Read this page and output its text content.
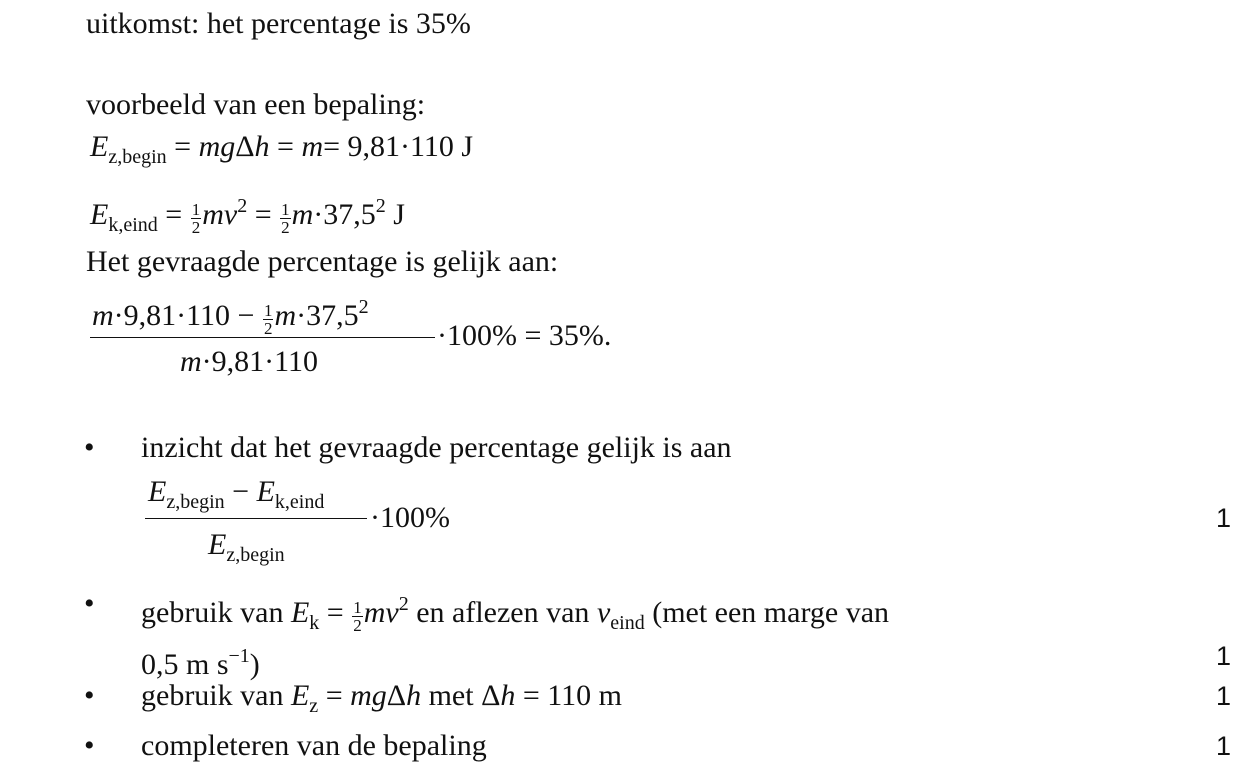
uitkomst: het percentage is 35%
voorbeeld van een bepaling:
$E_{z,begin} = mg\Delta h = m= 9,81\cdot 110$ J
$E_{k,eind} = \frac{1}{2} mv^2 = \frac{1}{2} m\cdot 37,5^2$ J
Het gevraagde percentage is gelijk aan:
$m\cdot 9,81\cdot 110 - \frac{1}{2} m\cdot 37,5^2$
m·9,81·110
·100% = 35%.
• inzicht dat het gevraagde percentage gelijk is aan
$E_{z,begin} - E_{k,eind}$
$E_{z,begin}$
·100%	1
• gebruik van $E_k = \frac{1}{2} mv^2$ en aflezen van $v_{eind}$ (met een marge van
0,5 m $s^{-1}$)	1
• gebruik van $E_z = mg\Delta h$ met Δh = 110 m	1
• completeren van de bepaling	1
